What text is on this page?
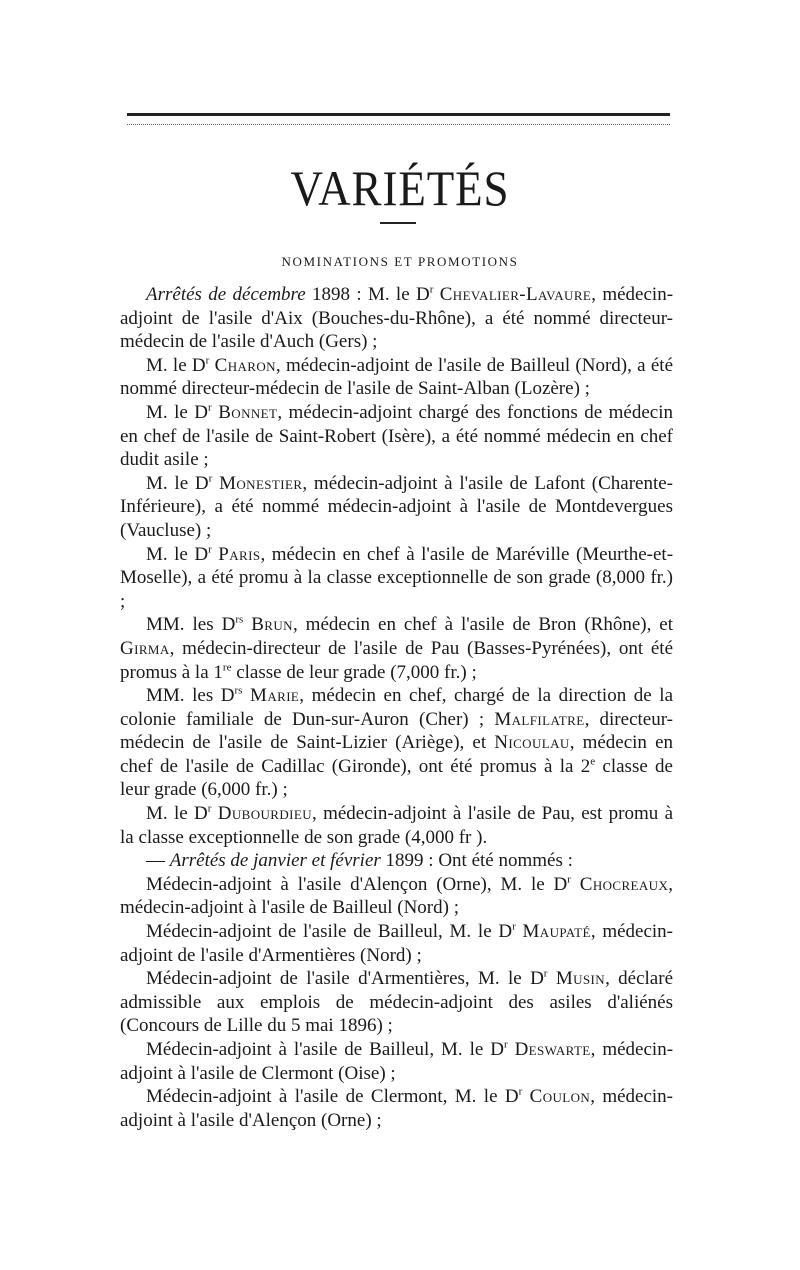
VARIÉTÉS
NOMINATIONS ET PROMOTIONS

Arrêtés de décembre 1898 : M. le $D^r$ Chevalier-Lavaure, médecin-adjoint de l'asile d'Aix (Bouches-du-Rhône), a été nommé directeur-médecin de l'asile d'Auch (Gers) ;

M. le $D^r$ Charon, médecin-adjoint de l'asile de Bailleul (Nord), a été nommé directeur-médecin de l'asile de Saint-Alban (Lozère) ;

M. le $D^r$ Bonnet, médecin-adjoint chargé des fonctions de médecin en chef de l'asile de Saint-Robert (Isère), a été nommé médecin en chef dudit asile ;

M. le $D^r$ Monestier, médecin-adjoint à l'asile de Lafont (Charente-Inférieure), a été nommé médecin-adjoint à l'asile de Montdevergues (Vaucluse) ;

M. le $D^r$ Paris, médecin en chef à l'asile de Maréville (Meurthe-et-Moselle), a été promu à la classe exceptionnelle de son grade (8,000 fr.) ;

MM. les $D^{rs}$ Brun, médecin en chef à l'asile de Bron (Rhône), et Girma, médecin-directeur de l'asile de Pau (Basses-Pyrénées), ont été promus à la 1re classe de leur grade (7,000 fr.) ;

MM. les $D^{rs}$ Marie, médecin en chef, chargé de la direction de la colonie familiale de Dun-sur-Auron (Cher) ; Malfilatre, directeur-médecin de l'asile de Saint-Lizier (Ariège), et Nicoulau, médecin en chef de l'asile de Cadillac (Gironde), ont été promus à la 2e classe de leur grade (6,000 fr.) ;

M. le $D^r$ Dubourdieu, médecin-adjoint à l'asile de Pau, est promu à la classe exceptionnelle de son grade (4,000 fr ).

— Arrêtés de janvier et février 1899 : Ont été nommés :

Médecin-adjoint à l'asile d'Alençon (Orne), M. le $D^r$ Chocreaux, médecin-adjoint à l'asile de Bailleul (Nord) ;

Médecin-adjoint de l'asile de Bailleul, M. le $D^r$ Maupaté, médecin-adjoint de l'asile d'Armentières (Nord) ;

Médecin-adjoint de l'asile d'Armentières, M. le $D^r$ Musin, déclaré admissible aux emplois de médecin-adjoint des asiles d'aliénés (Concours de Lille du 5 mai 1896) ;

Médecin-adjoint à l'asile de Bailleul, M. le $D^r$ Deswarte, médecin-adjoint à l'asile de Clermont (Oise) ;

Médecin-adjoint à l'asile de Clermont, M. le $D^r$ Coulon, médecin-adjoint à l'asile d'Alençon (Orne) ;
